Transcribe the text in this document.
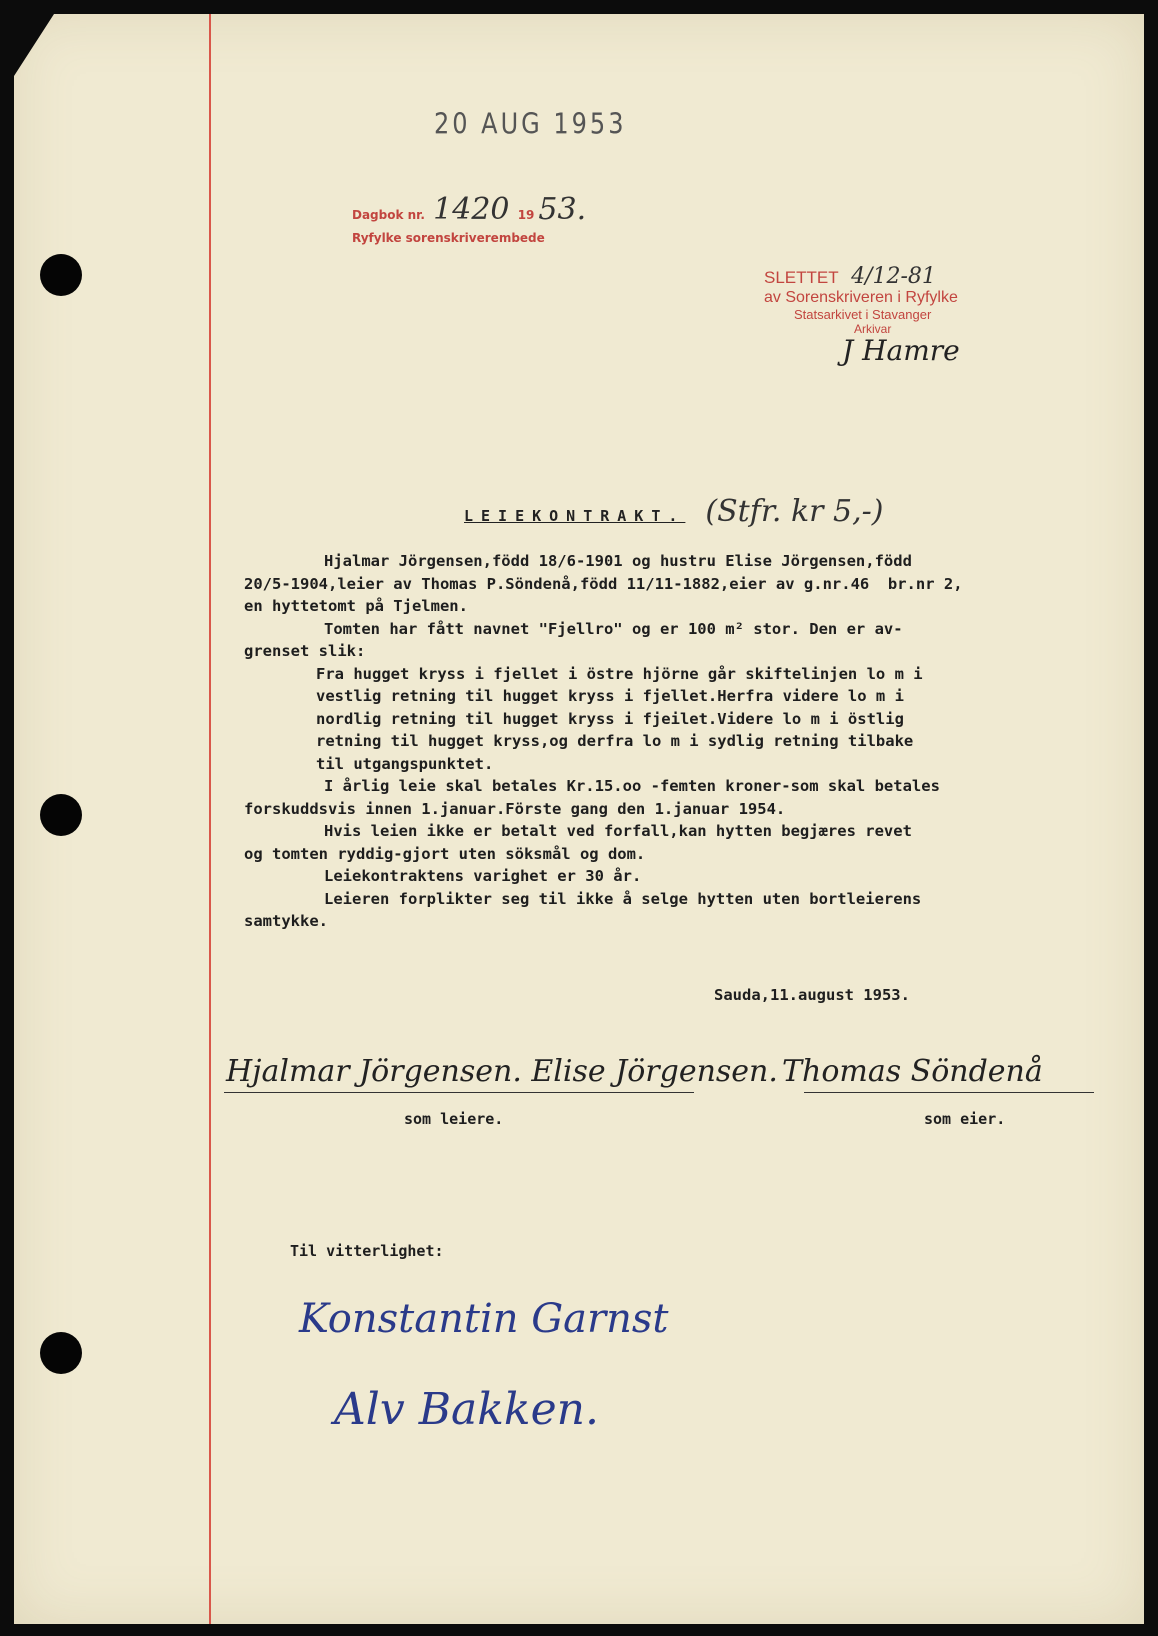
20 AUG 1953
Dagbok nr. 1420 19 53.
Ryfylke sorenskriverembede
SLETTET 4/12-81
av Sorenskriveren i Ryfylke
Statsarkivet i Stavanger
Arkivar
J Hamre
LEIEKONTRAKT. (Stfr. kr 5,-)

Hjalmar Jörgensen,född 18/6-1901 og hustru Elise Jörgensen,född

20/5-1904,leier av Thomas P.Söndenå,född 11/11-1882,eier av g.nr.46  br.nr 2,

en hyttetomt på Tjelmen.

Tomten har fått navnet "Fjellro" og er 100 m² stor. Den er av-

grenset slik:

Fra hugget kryss i fjellet i östre hjörne går skiftelinjen lo m i

vestlig retning til hugget kryss i fjellet.Herfra videre lo m i

nordlig retning til hugget kryss i fjeilet.Videre lo m i östlig

retning til hugget kryss,og derfra lo m i sydlig retning tilbake

til utgangspunktet.

I årlig leie skal betales Kr.15.oo -femten kroner-som skal betales

forskuddsvis innen 1.januar.Förste gang den 1.januar 1954.

Hvis leien ikke er betalt ved forfall,kan hytten begjæres revet

og tomten ryddig-gjort uten söksmål og dom.

Leiekontraktens varighet er 30 år.

Leieren forplikter seg til ikke å selge hytten uten bortleierens

samtykke.

Sauda,11.august 1953.
Hjalmar Jörgensen. Elise Jörgensen. Thomas Söndenå
som leiere.	som eier.
Til vitterlighet:
Konstantin Garnst
Alv Bakken.
